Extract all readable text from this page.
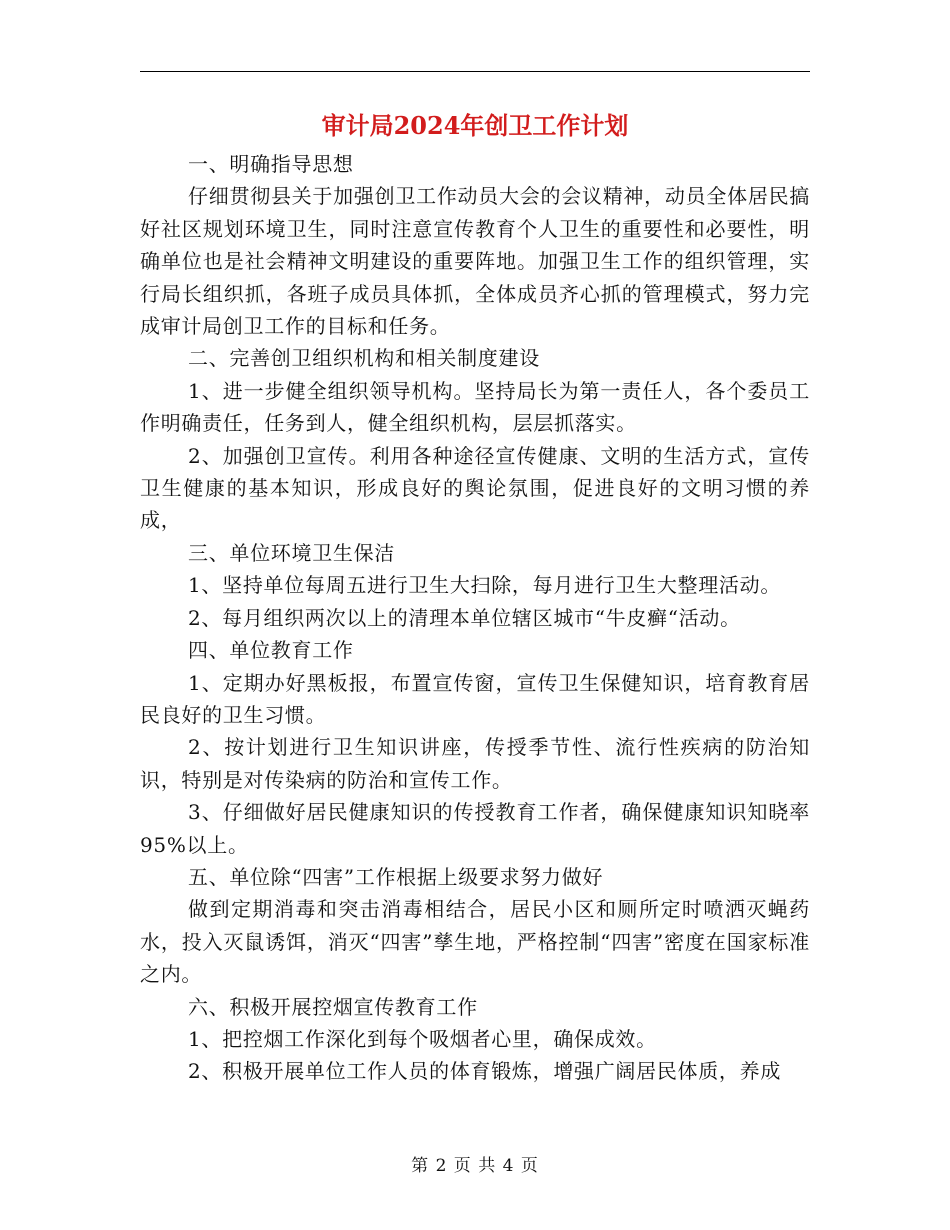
审计局2024年创卫工作计划

一、明确指导思想

仔细贯彻县关于加强创卫工作动员大会的会议精神，动员全体居民搞好社区规划环境卫生，同时注意宣传教育个人卫生的重要性和必要性，明确单位也是社会精神文明建设的重要阵地。加强卫生工作的组织管理，实行局长组织抓，各班子成员具体抓，全体成员齐心抓的管理模式，努力完成审计局创卫工作的目标和任务。

二、完善创卫组织机构和相关制度建设

1、进一步健全组织领导机构。坚持局长为第一责任人，各个委员工作明确责任，任务到人，健全组织机构，层层抓落实。

2、加强创卫宣传。利用各种途径宣传健康、文明的生活方式，宣传卫生健康的基本知识，形成良好的舆论氛围，促进良好的文明习惯的养成，

三、单位环境卫生保洁

1、坚持单位每周五进行卫生大扫除，每月进行卫生大整理活动。

2、每月组织两次以上的清理本单位辖区城市“牛皮癣“活动。

四、单位教育工作

1、定期办好黑板报，布置宣传窗，宣传卫生保健知识，培育教育居民良好的卫生习惯。

2、按计划进行卫生知识讲座，传授季节性、流行性疾病的防治知识，特别是对传染病的防治和宣传工作。

3、仔细做好居民健康知识的传授教育工作者，确保健康知识知晓率95%以上。

五、单位除“四害”工作根据上级要求努力做好

做到定期消毒和突击消毒相结合，居民小区和厕所定时喷洒灭蝇药水，投入灭鼠诱饵，消灭“四害”孳生地，严格控制“四害”密度在国家标准之内。

六、积极开展控烟宣传教育工作

1、把控烟工作深化到每个吸烟者心里，确保成效。

2、积极开展单位工作人员的体育锻炼，增强广阔居民体质，养成

第 2 页 共 4 页
